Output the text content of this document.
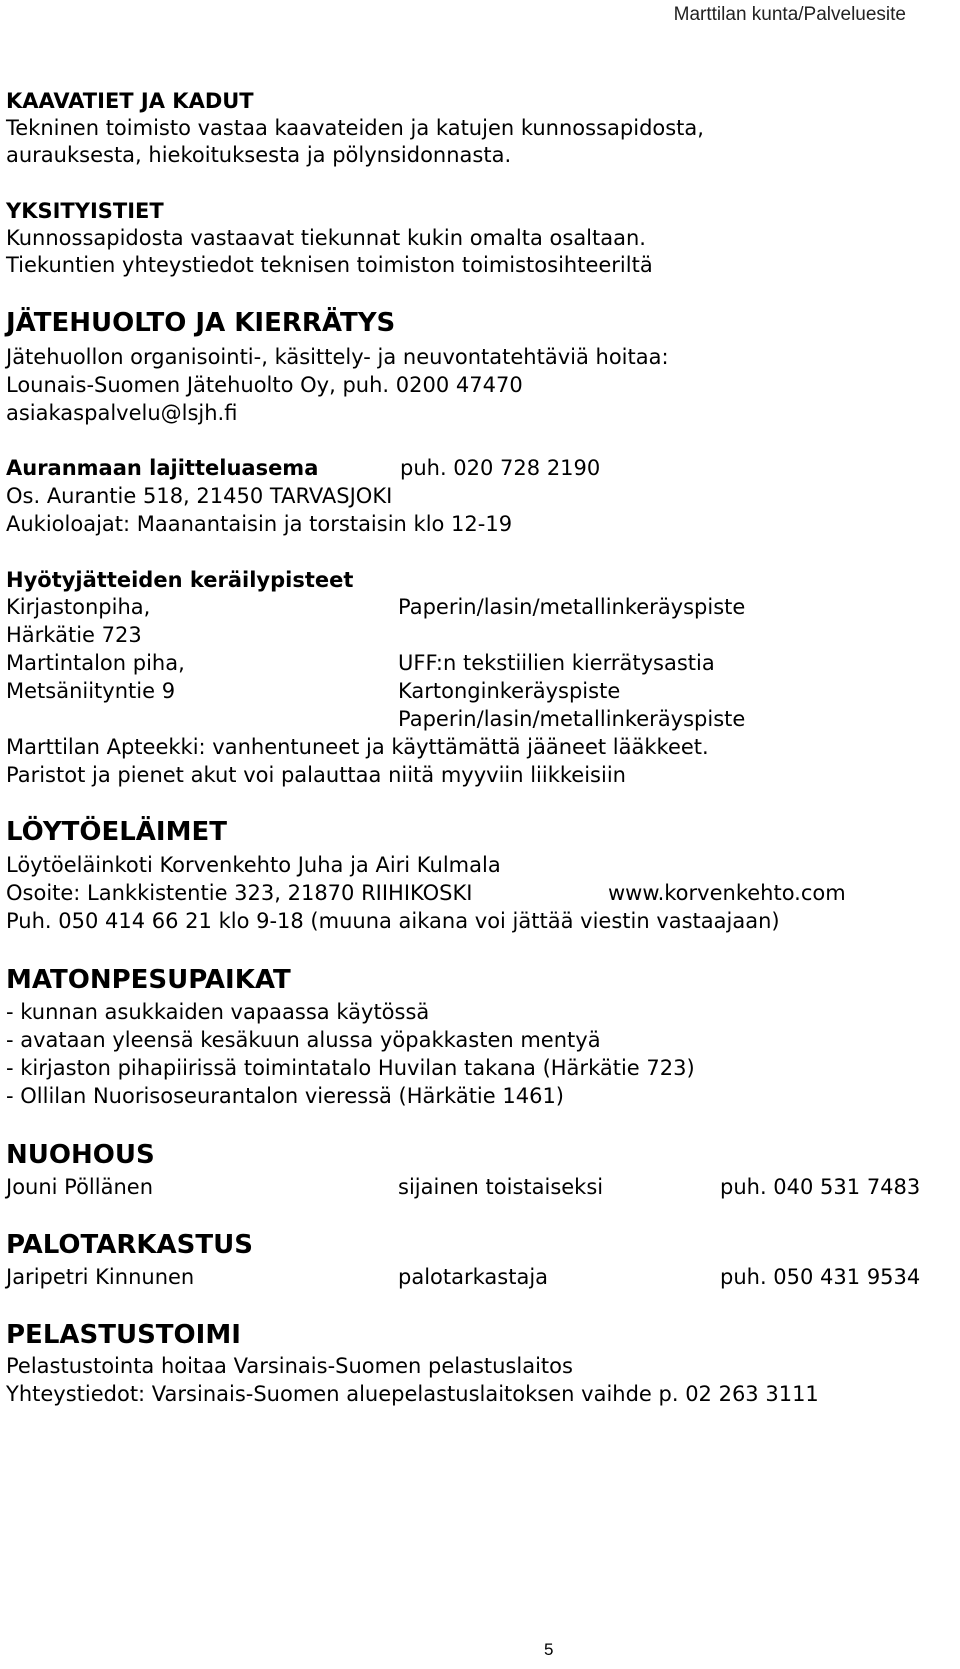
Marttilan kunta/Palveluesite
KAAVATIET JA KADUT
Tekninen toimisto vastaa kaavateiden ja katujen kunnossapidosta,
aurauksesta, hiekoituksesta ja pölynsidonnasta.
YKSITYISTIET
Kunnossapidosta vastaavat tiekunnat kukin omalta osaltaan.
Tiekuntien yhteystiedot teknisen toimiston toimistosihteeriltä
JÄTEHUOLTO JA KIERRÄTYS
Jätehuollon organisointi-, käsittely- ja neuvontatehtäviä hoitaa:
Lounais-Suomen Jätehuolto Oy, puh. 0200 47470
asiakaspalvelu@lsjh.fi
Auranmaan lajitteluasema	puh. 020 728 2190
Os. Aurantie 518, 21450 TARVASJOKI
Aukioloajat: Maanantaisin ja torstaisin klo 12-19
Hyötyjätteiden keräilypisteet
Kirjastonpiha,	Paperin/lasin/metallinkeräyspiste
Härkätie 723
Martintalon piha,	UFF:n tekstiilien kierrätysastia
Metsäniityntie 9	Kartonginkeräyspiste
Paperin/lasin/metallinkeräyspiste
Marttilan Apteekki: vanhentuneet ja käyttämättä jääneet lääkkeet.
Paristot ja pienet akut voi palauttaa niitä myyviin liikkeisiin
LÖYTÖELÄIMET
Löytöeläinkoti Korvenkehto Juha ja Airi Kulmala
Osoite: Lankkistentie 323, 21870 RIIHIKOSKI	www.korvenkehto.com
Puh. 050 414 66 21 klo 9-18 (muuna aikana voi jättää viestin vastaajaan)
MATONPESUPAIKAT
- kunnan asukkaiden vapaassa käytössä
- avataan yleensä kesäkuun alussa yöpakkasten mentyä
- kirjaston pihapiirissä toimintatalo Huvilan takana (Härkätie 723)
- Ollilan Nuorisoseurantalon vieressä (Härkätie 1461)
NUOHOUS
Jouni Pöllänen	sijainen toistaiseksi	puh. 040 531 7483
PALOTARKASTUS
Jaripetri Kinnunen	palotarkastaja	puh. 050 431 9534
PELASTUSTOIMI
Pelastustointa hoitaa Varsinais-Suomen pelastuslaitos
Yhteystiedot: Varsinais-Suomen aluepelastuslaitoksen vaihde p. 02 263 3111
5
